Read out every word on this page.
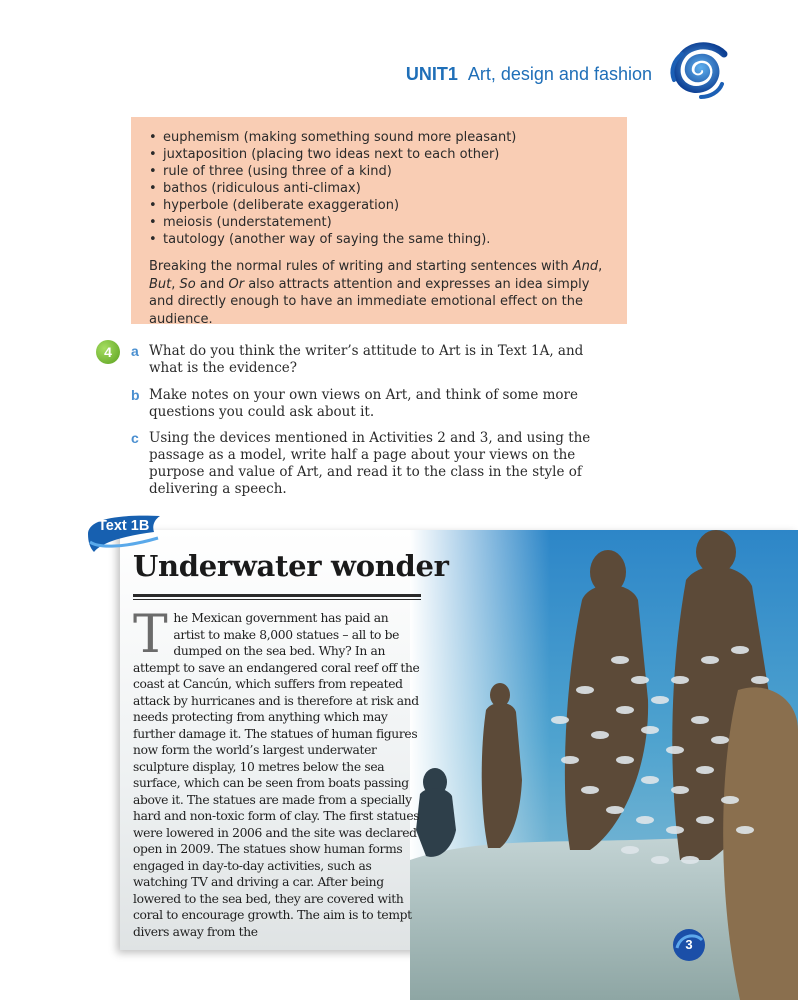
UNIT1 Art, design and fashion
• euphemism (making something sound more pleasant)
• juxtaposition (placing two ideas next to each other)
• rule of three (using three of a kind)
• bathos (ridiculous anti-climax)
• hyperbole (deliberate exaggeration)
• meiosis (understatement)
• tautology (another way of saying the same thing).

Breaking the normal rules of writing and starting sentences with And, But, So and Or also attracts attention and expresses an idea simply and directly enough to have an immediate emotional effect on the audience.

4	a What do you think the writer’s attitude to Art is in Text 1A, and what is the evidence?
b Make notes on your own views on Art, and think of some more questions you could ask about it.
c Using the devices mentioned in Activities 2 and 3, and using the passage as a model, write half a page about your views on the purpose and value of Art, and read it to the class in the style of delivering a speech.
Text 1B
Underwater wonder
The Mexican government has paid an artist to make 8,000 statues – all to be dumped on the sea bed. Why? In an attempt to save an endangered coral reef off the coast at Cancún, which suffers from repeated attack by hurricanes and is therefore at risk and needs protecting from anything which may further damage it. The statues of human figures now form the world’s largest underwater sculpture display, 10 metres below the sea surface, which can be seen from boats passing above it. The statues are made from a specially hard and non-toxic form of clay. The first statues were lowered in 2006 and the site was declared open in 2009. The statues show human forms engaged in day-to-day activities, such as watching TV and driving a car. After being lowered to the sea bed, they are covered with coral to encourage growth. The aim is to tempt divers away from the
3
